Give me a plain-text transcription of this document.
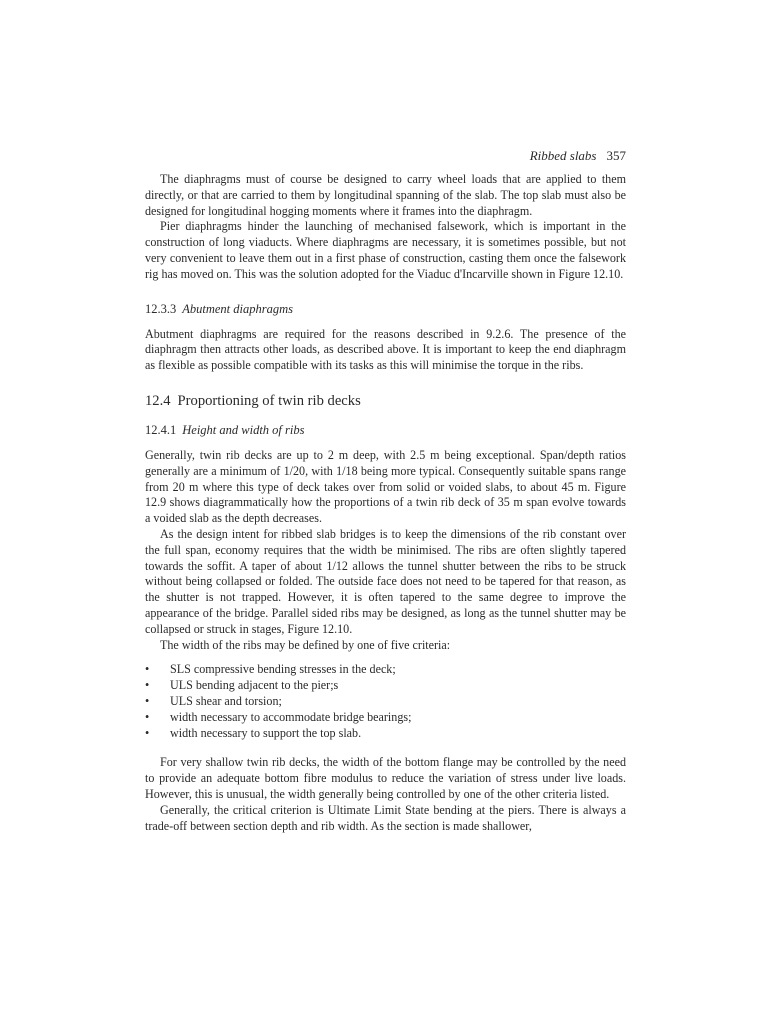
Ribbed slabs 357

The diaphragms must of course be designed to carry wheel loads that are applied to them directly, or that are carried to them by longitudinal spanning of the slab. The top slab must also be designed for longitudinal hogging moments where it frames into the diaphragm.

Pier diaphragms hinder the launching of mechanised falsework, which is important in the construction of long viaducts. Where diaphragms are necessary, it is sometimes possible, but not very convenient to leave them out in a first phase of construction, casting them once the falsework rig has moved on. This was the solution adopted for the Viaduc d'Incarville shown in Figure 12.10.

12.3.3 Abutment diaphragms

Abutment diaphragms are required for the reasons described in 9.2.6. The presence of the diaphragm then attracts other loads, as described above. It is important to keep the end diaphragm as flexible as possible compatible with its tasks as this will minimise the torque in the ribs.

12.4 Proportioning of twin rib decks
12.4.1 Height and width of ribs

Generally, twin rib decks are up to 2 m deep, with 2.5 m being exceptional. Span/depth ratios generally are a minimum of 1/20, with 1/18 being more typical. Consequently suitable spans range from 20 m where this type of deck takes over from solid or voided slabs, to about 45 m. Figure 12.9 shows diagrammatically how the proportions of a twin rib deck of 35 m span evolve towards a voided slab as the depth decreases.

As the design intent for ribbed slab bridges is to keep the dimensions of the rib constant over the full span, economy requires that the width be minimised. The ribs are often slightly tapered towards the soffit. A taper of about 1/12 allows the tunnel shutter between the ribs to be struck without being collapsed or folded. The outside face does not need to be tapered for that reason, as the shutter is not trapped. However, it is often tapered to the same degree to improve the appearance of the bridge. Parallel sided ribs may be designed, as long as the tunnel shutter may be collapsed or struck in stages, Figure 12.10.

The width of the ribs may be defined by one of five criteria:

• SLS compressive bending stresses in the deck;
• ULS bending adjacent to the pier;s
• ULS shear and torsion;
• width necessary to accommodate bridge bearings;
• width necessary to support the top slab.

For very shallow twin rib decks, the width of the bottom flange may be controlled by the need to provide an adequate bottom fibre modulus to reduce the variation of stress under live loads. However, this is unusual, the width generally being controlled by one of the other criteria listed.

Generally, the critical criterion is Ultimate Limit State bending at the piers. There is always a trade-off between section depth and rib width. As the section is made shallower,
